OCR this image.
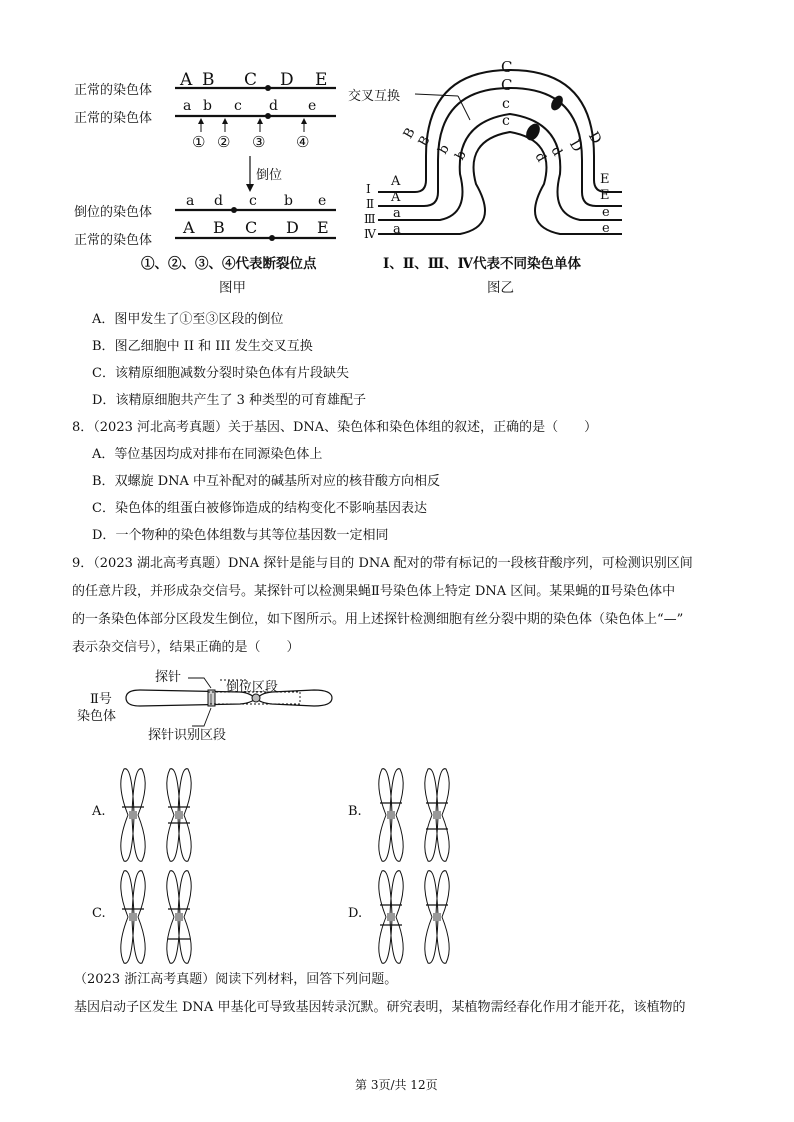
正常的染色体
正常的染色体
倒位的染色体
正常的染色体
A B C D E
a b c d e
① ② ③ ④
倒位
a d c b e
A B C D E
①、②、③、④代表断裂位点
图甲
交叉互换
C
C
c
c
B
B
b b	d
d D D
A
A
a
a
E
E
e
e
Ⅰ
Ⅱ
Ⅲ
Ⅳ
Ⅰ、Ⅱ、Ⅲ、Ⅳ代表不同染色单体
图乙
A．图甲发生了①至③区段的倒位
B．图乙细胞中 II 和 III 发生交叉互换
C．该精原细胞减数分裂时染色体有片段缺失
D．该精原细胞共产生了 3 种类型的可育雄配子
8．（2023 河北高考真题）关于基因、DNA、染色体和染色体组的叙述，正确的是（　　）
A．等位基因均成对排布在同源染色体上
B．双螺旋 DNA 中互补配对的碱基所对应的核苷酸方向相反
C．染色体的组蛋白被修饰造成的结构变化不影响基因表达
D．一个物种的染色体组数与其等位基因数一定相同
9．（2023 湖北高考真题）DNA 探针是能与目的 DNA 配对的带有标记的一段核苷酸序列，可检测识别区间
的任意片段，并形成杂交信号。某探针可以检测果蝇Ⅱ号染色体上特定 DNA 区间。某果蝇的Ⅱ号染色体中
的一条染色体部分区段发生倒位，如下图所示。用上述探针检测细胞有丝分裂中期的染色体（染色体上“—”
表示杂交信号），结果正确的是（　　）
探针
倒位区段
Ⅱ号
染色体
探针识别区段
A.	B.
C.	D.
（2023 浙江高考真题）阅读下列材料，回答下列问题。
基因启动子区发生 DNA 甲基化可导致基因转录沉默。研究表明，某植物需经春化作用才能开花，该植物的
第 3页/共 12页
